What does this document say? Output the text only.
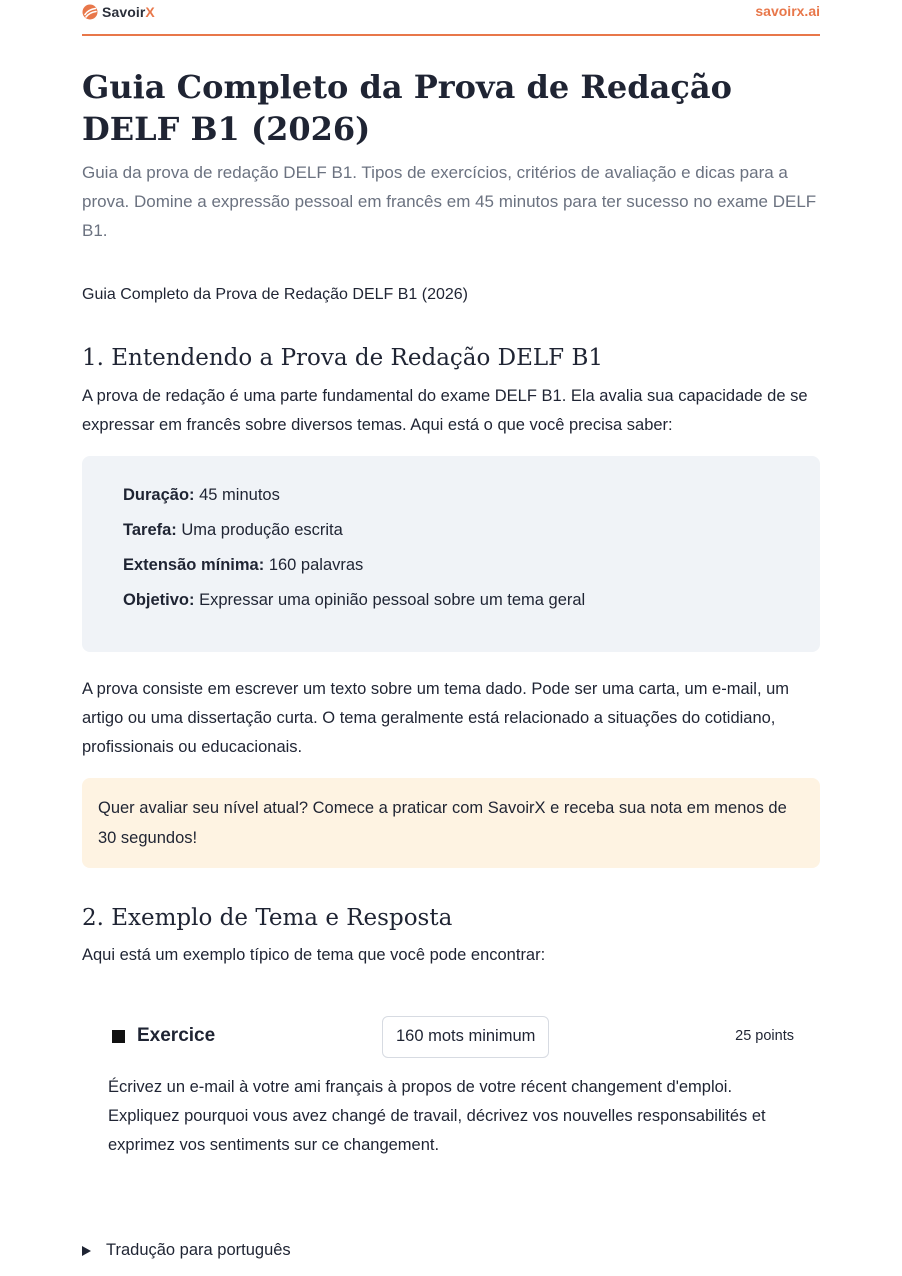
SavoirX	savoirx.ai
Guia Completo da Prova de Redação DELF B1 (2026)

Guia da prova de redação DELF B1. Tipos de exercícios, critérios de avaliação e dicas para a prova. Domine a expressão pessoal em francês em 45 minutos para ter sucesso no exame DELF B1.

Guia Completo da Prova de Redação DELF B1 (2026)

1. Entendendo a Prova de Redação DELF B1

A prova de redação é uma parte fundamental do exame DELF B1. Ela avalia sua capacidade de se expressar em francês sobre diversos temas. Aqui está o que você precisa saber:

Duração: 45 minutos
Tarefa: Uma produção escrita
Extensão mínima: 160 palavras
Objetivo: Expressar uma opinião pessoal sobre um tema geral

A prova consiste em escrever um texto sobre um tema dado. Pode ser uma carta, um e-mail, um artigo ou uma dissertação curta. O tema geralmente está relacionado a situações do cotidiano, profissionais ou educacionais.

Quer avaliar seu nível atual? Comece a praticar com SavoirX e receba sua nota em menos de 30 segundos!

2. Exemplo de Tema e Resposta

Aqui está um exemplo típico de tema que você pode encontrar:

Exercice	160 mots minimum	25 points

Écrivez un e-mail à votre ami français à propos de votre récent changement d'emploi. Expliquez pourquoi vous avez changé de travail, décrivez vos nouvelles responsabilités et exprimez vos sentiments sur ce changement.

Tradução para português
